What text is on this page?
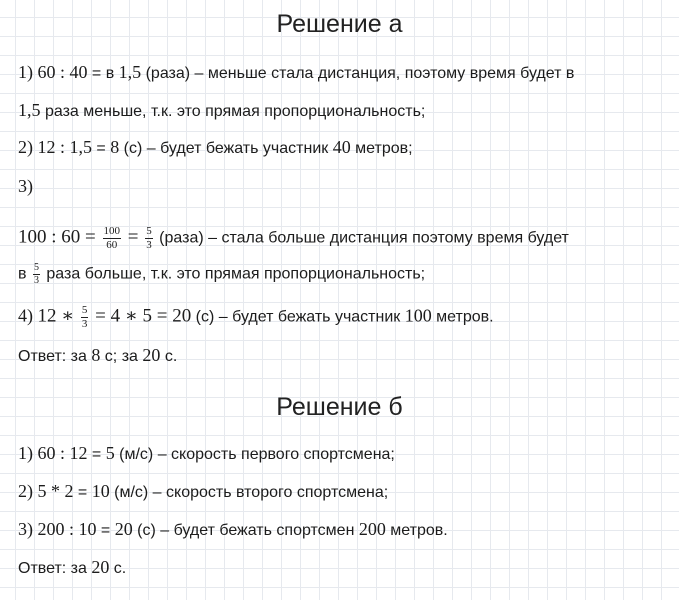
Решение а
1) 60 : 40 = в 1,5 (раза) – меньше стала дистанция, поэтому время будет в
1,5 раза меньше, т.к. это прямая пропорциональность;
2) 12 : 1,5 = 8 (с) – будет бежать участник 40 метров;
3)
100 : $60 = \frac{100}{60} = \frac{5}{3}$ (раза) – стала больше дистанция поэтому время будет
в $\frac{5}{3}$ раза больше, т.к. это прямая пропорциональность;
4) 12 ∗ $\frac{5}{3} = 4$ ∗ 5 = 20 (с) – будет бежать участник 100 метров.
Ответ: за 8 с; за 20 с.
Решение б
1) 60 : 12 = 5 (м/с) – скорость первого спортсмена;
2) 5 * 2 = 10 (м/с) – скорость второго спортсмена;
3) 200 : 10 = 20 (с) – будет бежать спортсмен 200 метров.
Ответ: за 20 с.
